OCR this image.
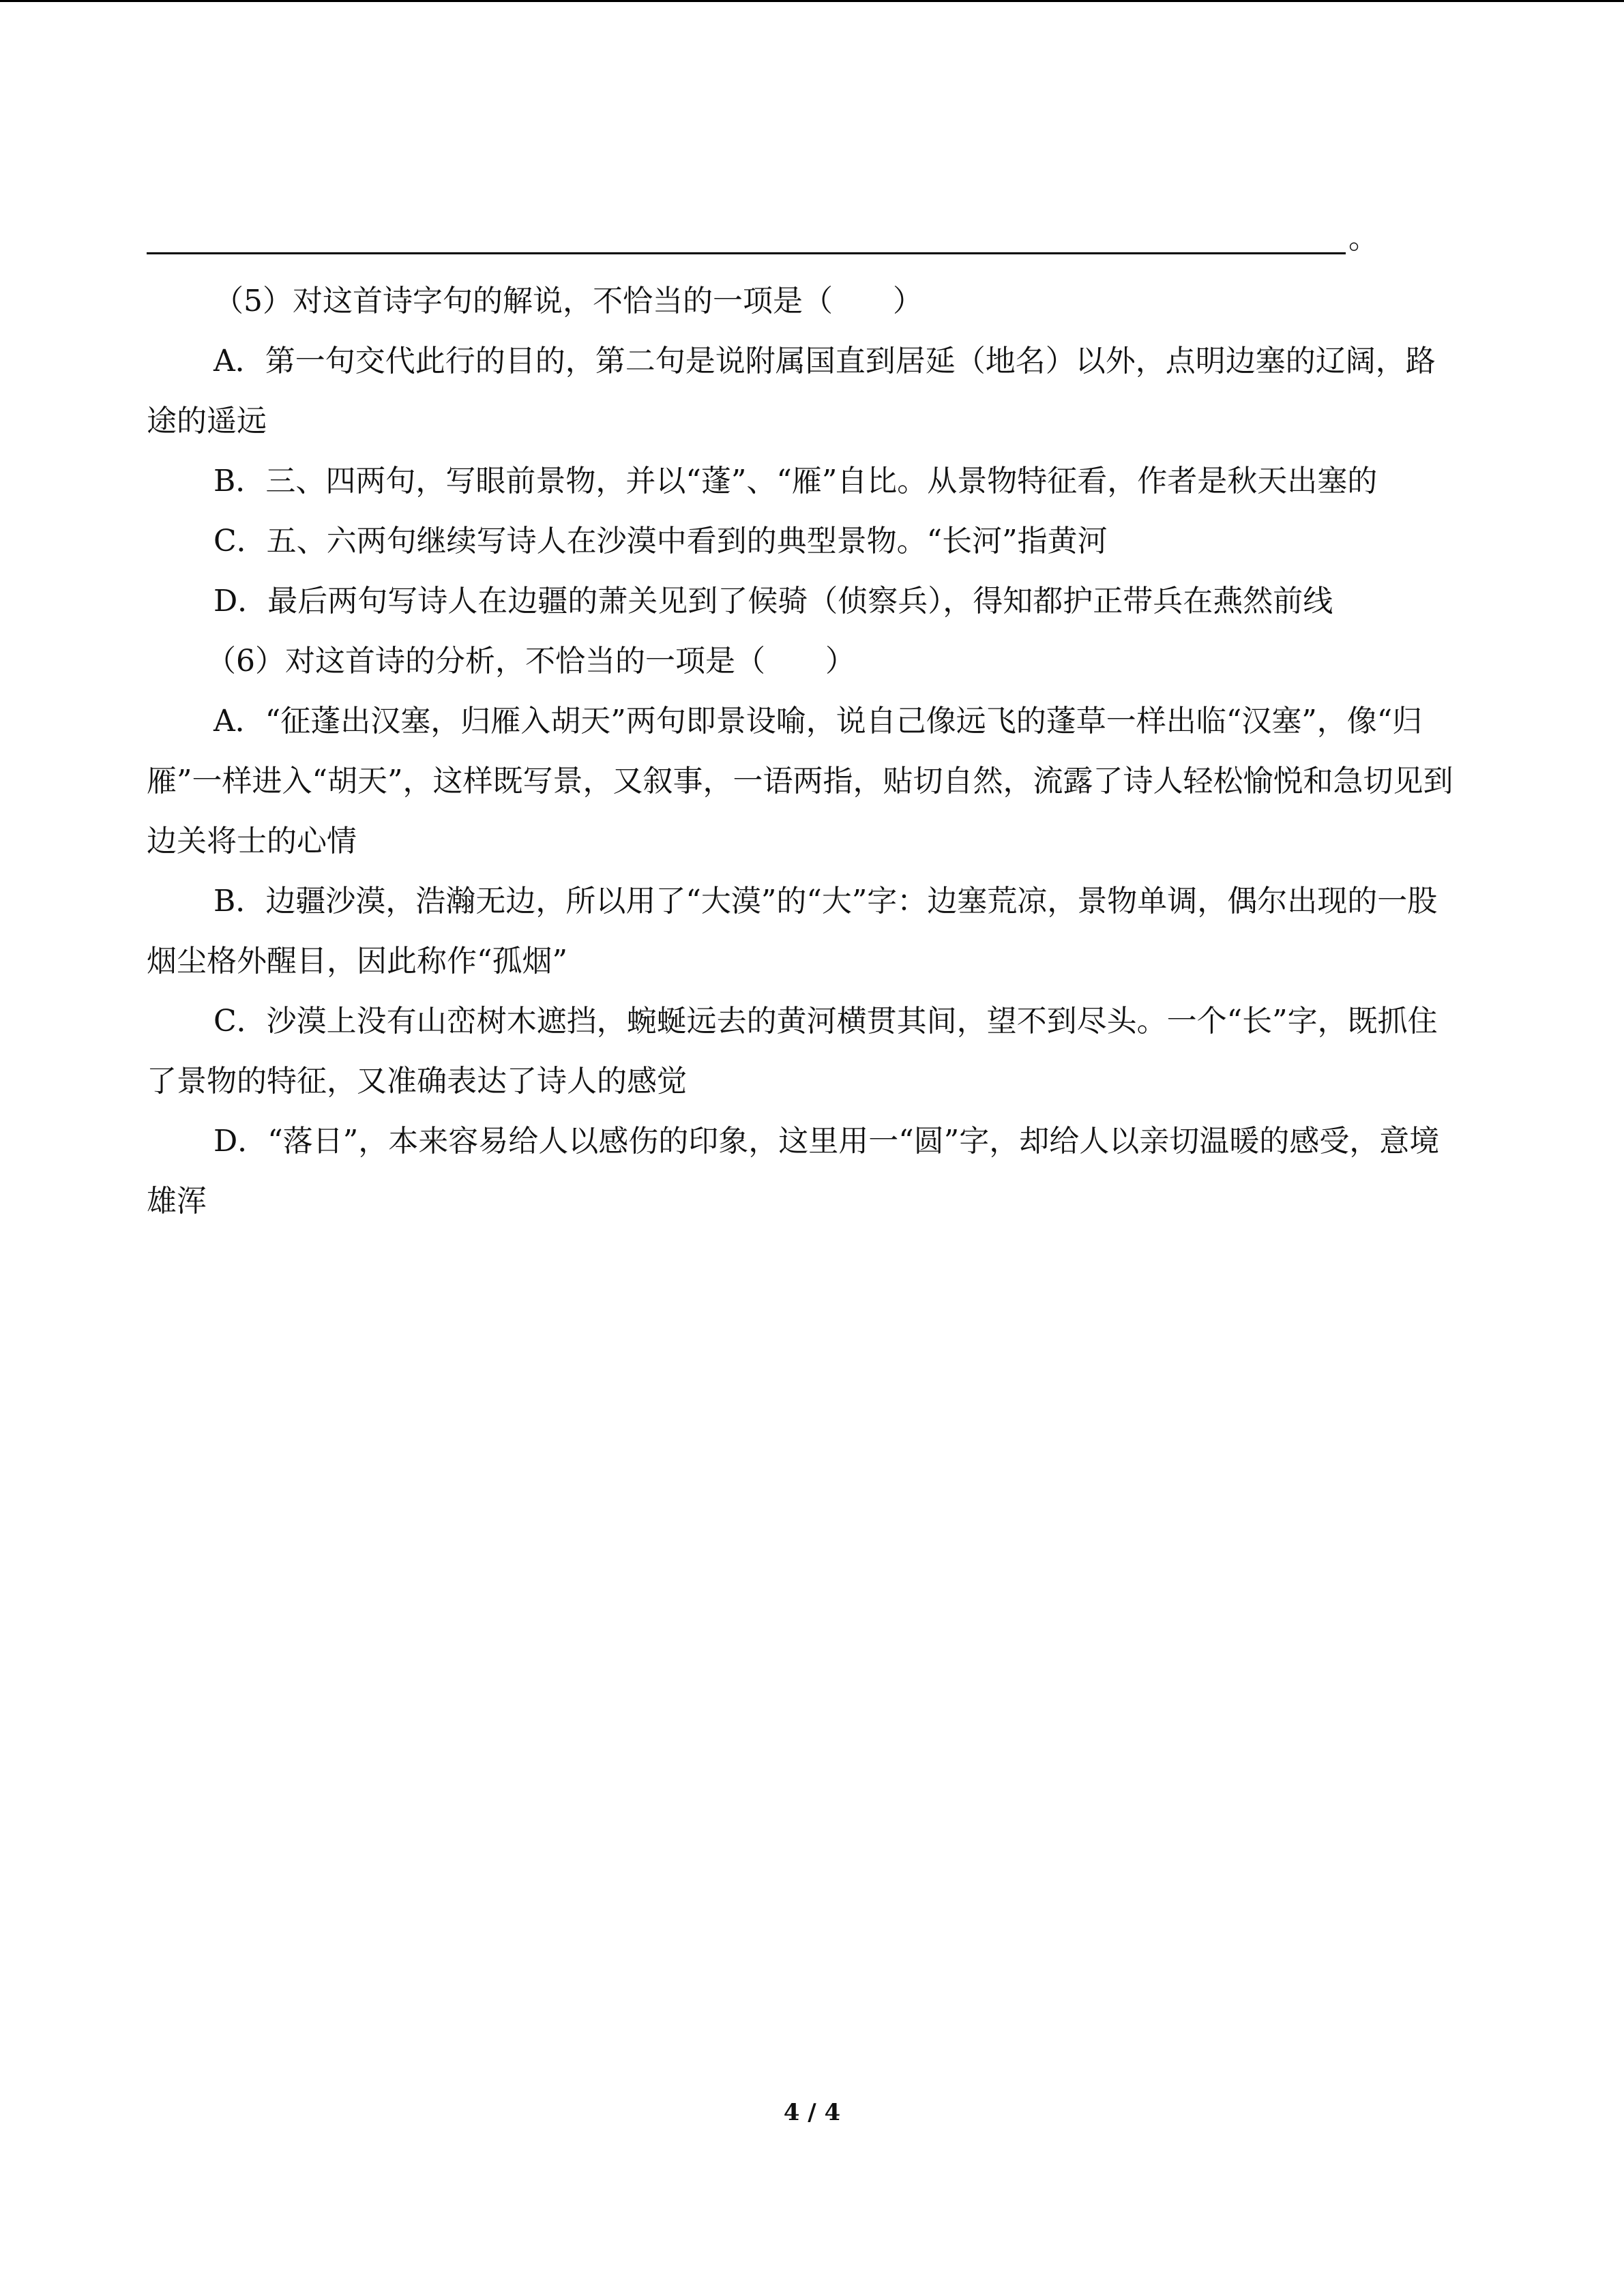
。

（5）对这首诗字句的解说，不恰当的一项是（　　）

A．第一句交代此行的目的，第二句是说附属国直到居延（地名）以外，点明边塞的辽阔，路途的遥远

B．三、四两句，写眼前景物，并以“蓬”、“雁”自比。从景物特征看，作者是秋天出塞的

C．五、六两句继续写诗人在沙漠中看到的典型景物。“长河”指黄河

D．最后两句写诗人在边疆的萧关见到了候骑（侦察兵），得知都护正带兵在燕然前线

（6）对这首诗的分析，不恰当的一项是（　　）

A．“征蓬出汉塞，归雁入胡天”两句即景设喻，说自己像远飞的蓬草一样出临“汉塞”，像“归雁”一样进入“胡天”，这样既写景，又叙事，一语两指，贴切自然，流露了诗人轻松愉悦和急切见到边关将士的心情

B．边疆沙漠，浩瀚无边，所以用了“大漠”的“大”字：边塞荒凉，景物单调，偶尔出现的一股烟尘格外醒目，因此称作“孤烟”

C．沙漠上没有山峦树木遮挡，蜿蜒远去的黄河横贯其间，望不到尽头。一个“长”字，既抓住了景物的特征，又准确表达了诗人的感觉

D．“落日”，本来容易给人以感伤的印象，这里用一“圆”字，却给人以亲切温暖的感受，意境雄浑

4 / 4
